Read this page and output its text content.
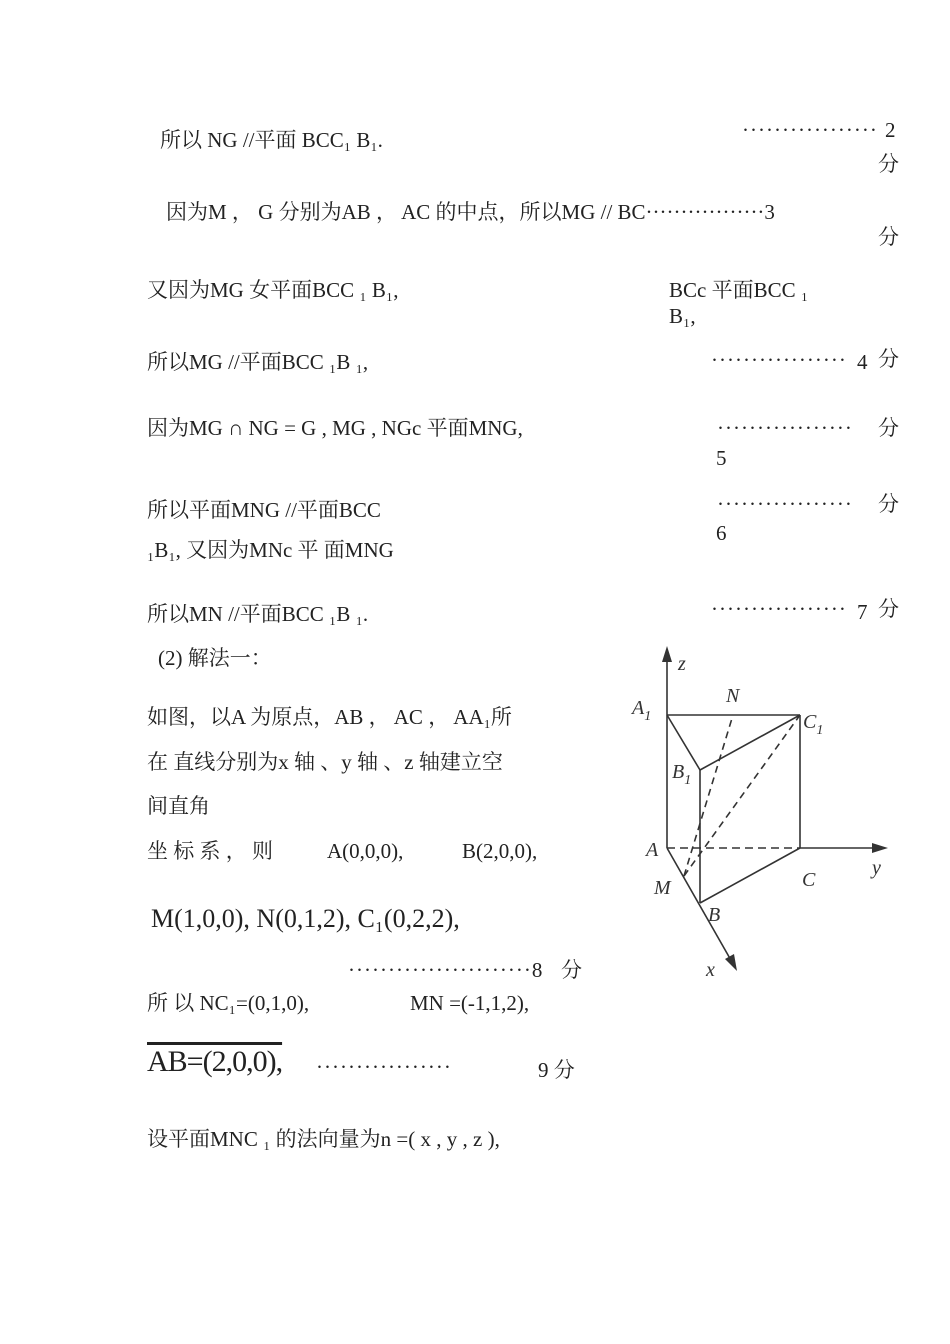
所以 NG //平面 BCC₁ B₁.	················· 2
分
因为M ， G 分别为AB ， AC 的中点，所以MG // BC·················3
分
又因为MG 女平面BCC ₁ B₁,	BCc 平面BCC ₁
B₁,
所以MG //平面BCC ₁B ₁,	················· 4 分
因为MG ∩ NG = G , MG , NGc 平面MNG,	················· 分
5
所以平面MNG //平面BCC
₁B₁, 又因为MNc 平 面MNG
················· 分
6
所以MN //平面BCC ₁B ₁.	················· 7 分
(2) 解法一：
如图，以A 为原点，AB ， AC ， AA₁所
在 直线分别为x 轴 、y 轴 、z 轴建立空
间直角
坐 标 系 ， 则	A(0,0,0),	B(2,0,0),
M(1,0,0), N(0,1,2), C₁(0,2,2),
·······················8 分
所 以 NC₁=(0,1,0),	MN =(-1,1,2),
AB=(2,0,0), ·················	9 分
设平面MNC ₁ 的法向量为n =( x , y , z ),
z
y
x
$A_1$
N
$C_1$
$B_1$
A
M	C
B
